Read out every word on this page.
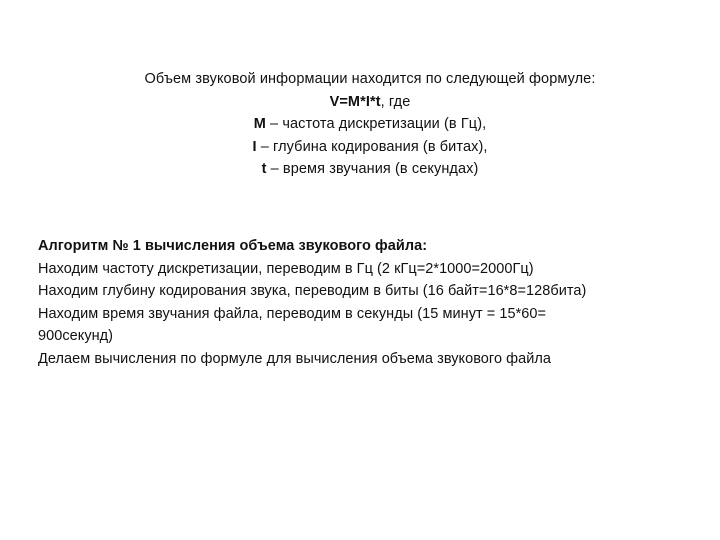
Объем звуковой информации находится по следующей формуле:
V=M*I*t, где
M – частота дискретизации (в Гц),
I – глубина кодирования (в битах),
t – время звучания (в секундах)
Алгоритм № 1 вычисления объема звукового файла:
Находим частоту дискретизации, переводим в Гц (2 кГц=2*1000=2000Гц)
Находим глубину кодирования звука, переводим в биты (16 байт=16*8=128бита)
Находим время звучания файла, переводим в секунды (15 минут = 15*60=
900секунд)
Делаем вычисления по формуле для вычисления объема звукового файла
